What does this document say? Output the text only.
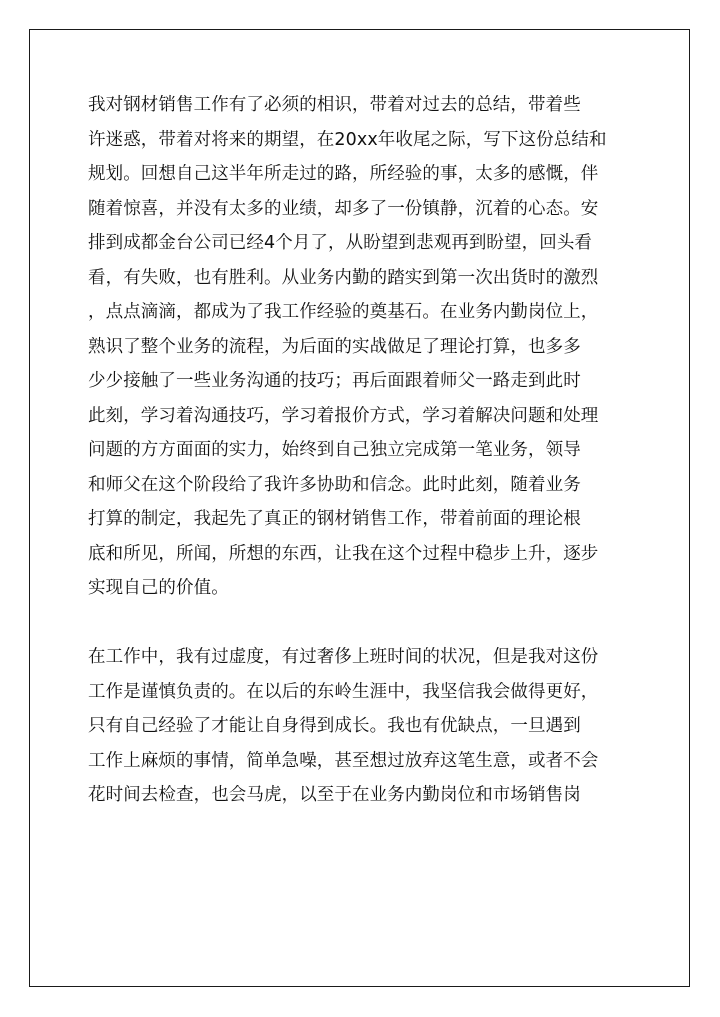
我对钢材销售工作有了必须的相识，带着对过去的总结，带着些
许迷惑，带着对将来的期望，在20xx年收尾之际，写下这份总结和
规划。回想自己这半年所走过的路，所经验的事，太多的感慨，伴
随着惊喜，并没有太多的业绩，却多了一份镇静，沉着的心态。安
排到成都金台公司已经4个月了，从盼望到悲观再到盼望，回头看
看，有失败，也有胜利。从业务内勤的踏实到第一次出货时的激烈
，点点滴滴，都成为了我工作经验的奠基石。在业务内勤岗位上，
熟识了整个业务的流程，为后面的实战做足了理论打算，也多多
少少接触了一些业务沟通的技巧；再后面跟着师父一路走到此时
此刻，学习着沟通技巧，学习着报价方式，学习着解决问题和处理
问题的方方面面的实力，始终到自己独立完成第一笔业务，领导
和师父在这个阶段给了我许多协助和信念。此时此刻，随着业务
打算的制定，我起先了真正的钢材销售工作，带着前面的理论根
底和所见，所闻，所想的东西，让我在这个过程中稳步上升，逐步
实现自己的价值。
在工作中，我有过虚度，有过奢侈上班时间的状况，但是我对这份
工作是谨慎负责的。在以后的东岭生涯中，我坚信我会做得更好，
只有自己经验了才能让自身得到成长。我也有优缺点，一旦遇到
工作上麻烦的事情，简单急噪，甚至想过放弃这笔生意，或者不会
花时间去检查，也会马虎，以至于在业务内勤岗位和市场销售岗
